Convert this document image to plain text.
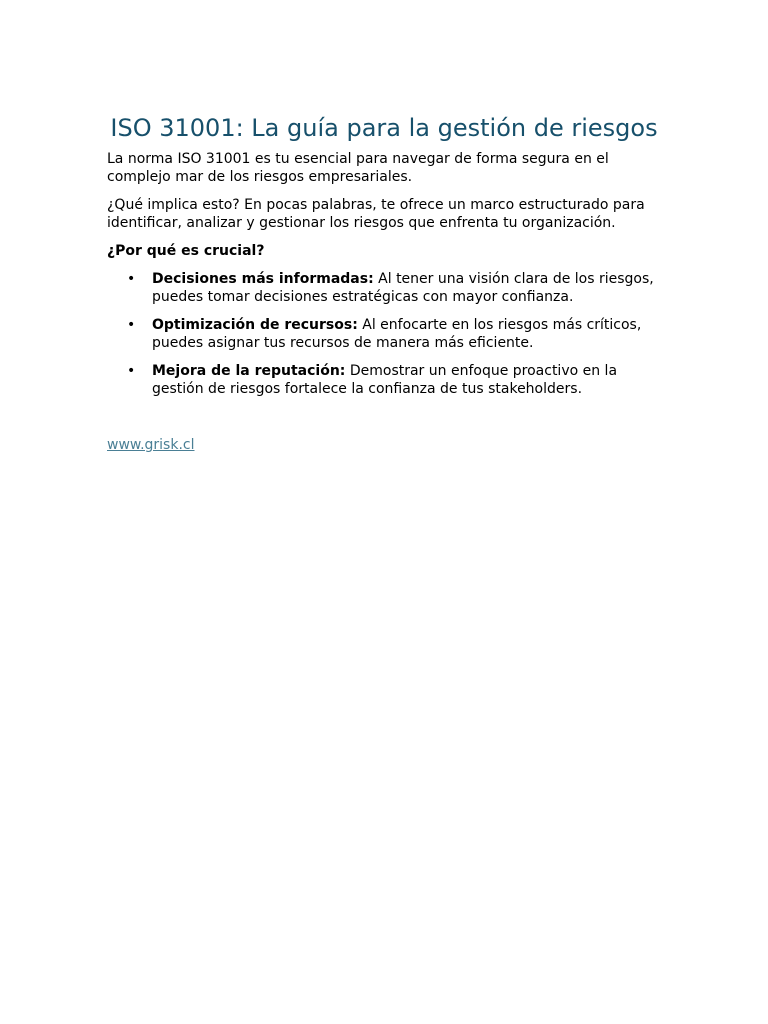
ISO 31001: La guía para la gestión de riesgos

La norma ISO 31001 es tu esencial para navegar de forma segura en el complejo mar de los riesgos empresariales.

¿Qué implica esto? En pocas palabras, te ofrece un marco estructurado para identificar, analizar y gestionar los riesgos que enfrenta tu organización.

¿Por qué es crucial?

• Decisiones más informadas: Al tener una visión clara de los riesgos, puedes tomar decisiones estratégicas con mayor confianza.
• Optimización de recursos: Al enfocarte en los riesgos más críticos, puedes asignar tus recursos de manera más eficiente.
• Mejora de la reputación: Demostrar un enfoque proactivo en la gestión de riesgos fortalece la confianza de tus stakeholders.
www.grisk.cl
